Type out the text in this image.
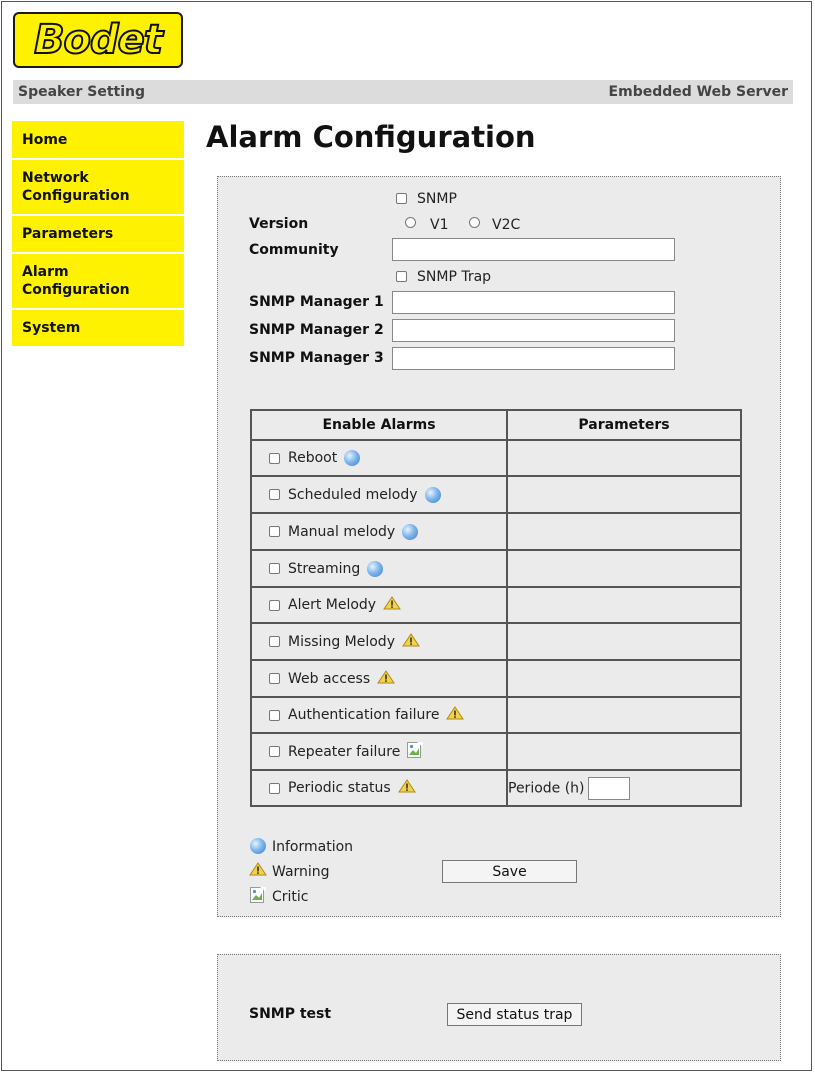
Bodet
Speaker Setting	Embedded Web Server
Home
Network
Configuration
Parameters
Alarm
Configuration
System
Alarm Configuration
SNMP
Version	V1	V2C
Community
SNMP Trap
SNMP Manager 1
SNMP Manager 2
SNMP Manager 3
Enable Alarms	Parameters
Reboot	
Scheduled melody	
Manual melody	
Streaming	
Alert Melody	
Missing Melody	
Web access	
Authentication failure	
Repeater failure	
Periodic status	Periode (h)
Information
Warning
Critic
Save
SNMP test	Send status trap
